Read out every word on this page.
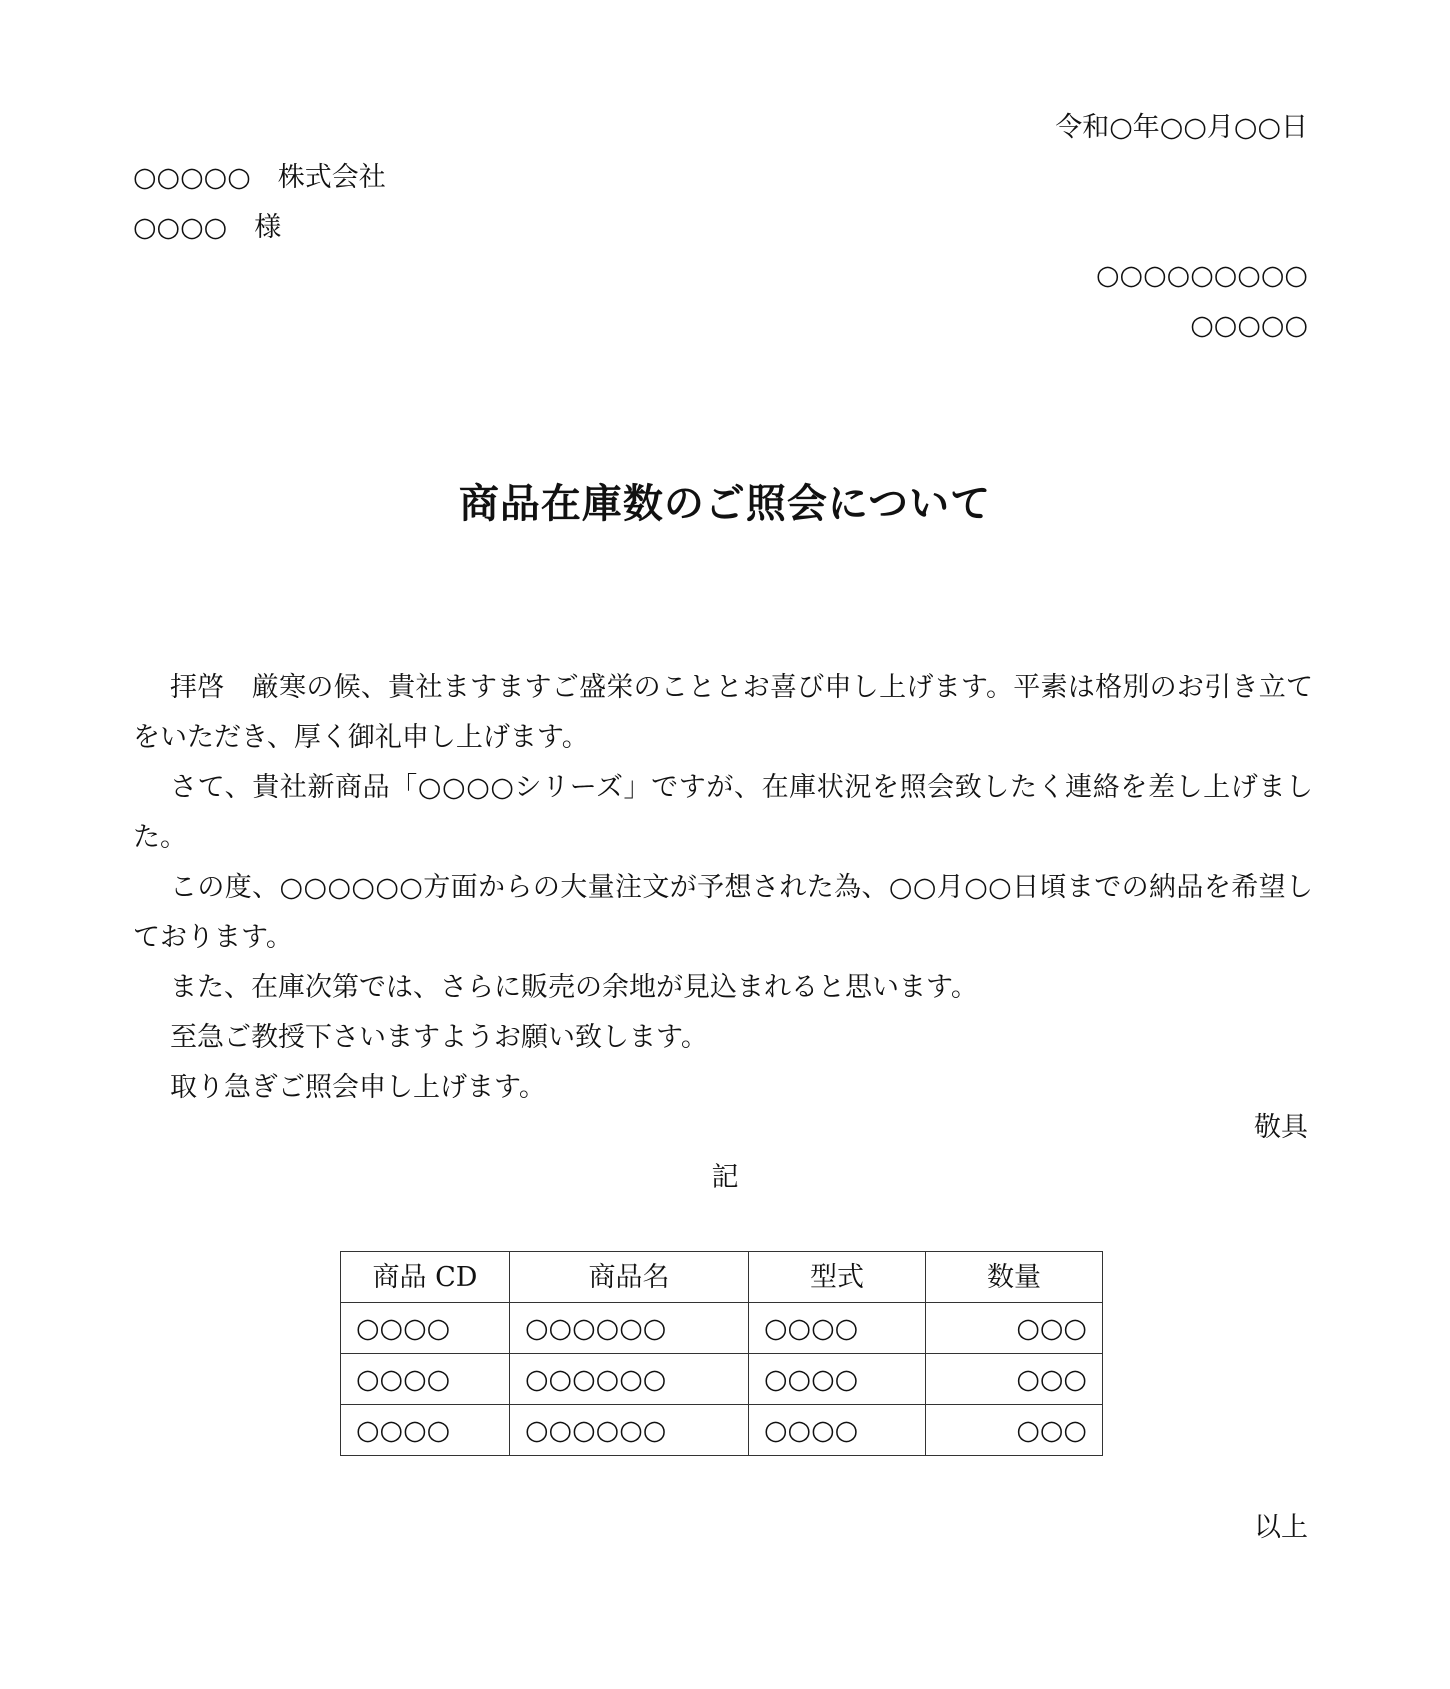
令和○年○○月○○日
○○○○○　株式会社
○○○○　様
○○○○○○○○○
○○○○○
商品在庫数のご照会について

拝啓　厳寒の候、貴社ますますご盛栄のこととお喜び申し上げます。平素は格別のお引き立てをいただき、厚く御礼申し上げます。

さて、貴社新商品「○○○○シリーズ」ですが、在庫状況を照会致したく連絡を差し上げました。

この度、○○○○○○方面からの大量注文が予想された為、○○月○○日頃までの納品を希望しております。

また、在庫次第では、さらに販売の余地が見込まれると思います。

至急ご教授下さいますようお願い致します。

取り急ぎご照会申し上げます。

敬具
記
商品 CD	商品名	型式	数量
○○○○	○○○○○○	○○○○	○○○
○○○○	○○○○○○	○○○○	○○○
○○○○	○○○○○○	○○○○	○○○
以上
